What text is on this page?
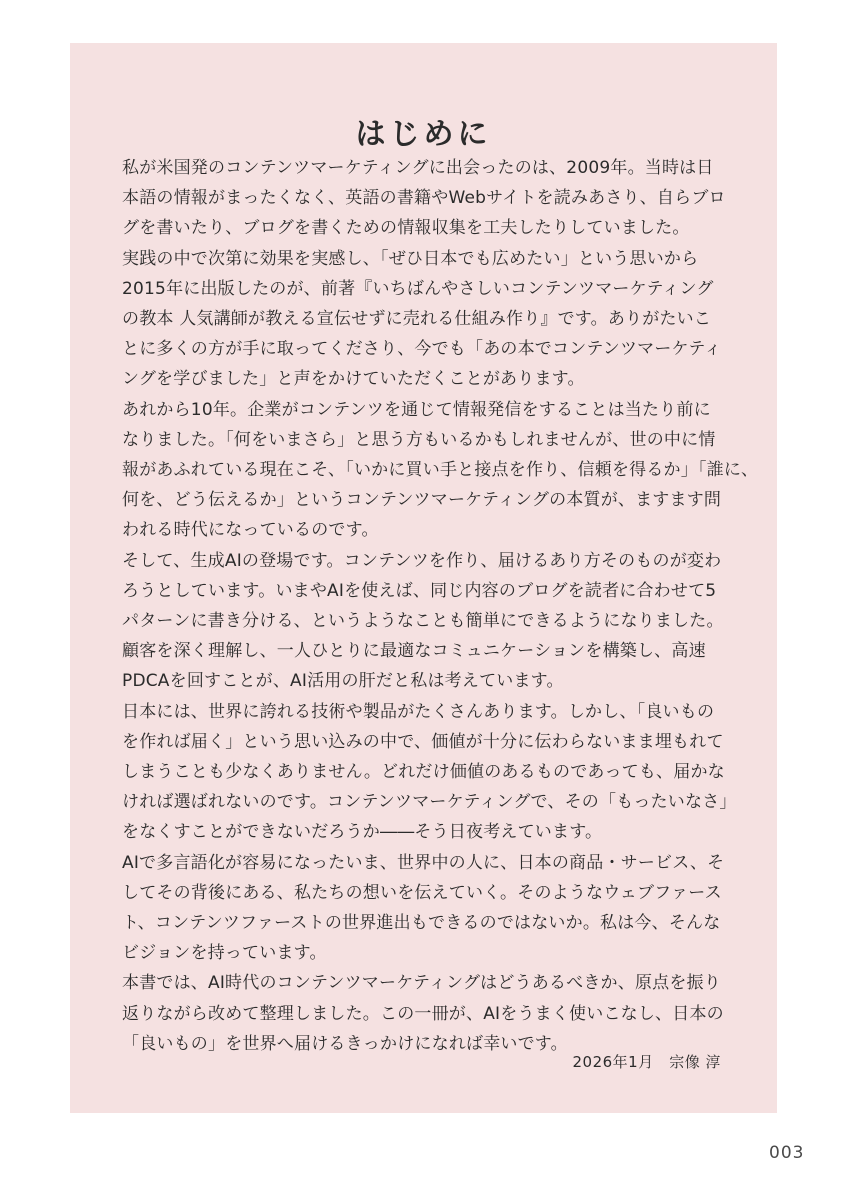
はじめに

私が米国発のコンテンツマーケティングに出会ったのは、2009年。当時は日
本語の情報がまったくなく、英語の書籍やWebサイトを読みあさり、自らブロ
グを書いたり、ブログを書くための情報収集を工夫したりしていました。

実践の中で次第に効果を実感し、「ぜひ日本でも広めたい」という思いから
2015年に出版したのが、前著『いちばんやさしいコンテンツマーケティング
の教本 人気講師が教える宣伝せずに売れる仕組み作り』です。ありがたいこ
とに多くの方が手に取ってくださり、今でも「あの本でコンテンツマーケティ
ングを学びました」と声をかけていただくことがあります。

あれから10年。企業がコンテンツを通じて情報発信をすることは当たり前に
なりました。「何をいまさら」と思う方もいるかもしれませんが、世の中に情
報があふれている現在こそ、「いかに買い手と接点を作り、信頼を得るか」「誰に、
何を、どう伝えるか」というコンテンツマーケティングの本質が、ますます問
われる時代になっているのです。

そして、生成AIの登場です。コンテンツを作り、届けるあり方そのものが変わ
ろうとしています。いまやAIを使えば、同じ内容のブログを読者に合わせて5
パターンに書き分ける、というようなことも簡単にできるようになりました。
顧客を深く理解し、一人ひとりに最適なコミュニケーションを構築し、高速
PDCAを回すことが、AI活用の肝だと私は考えています。

日本には、世界に誇れる技術や製品がたくさんあります。しかし、「良いもの
を作れば届く」という思い込みの中で、価値が十分に伝わらないまま埋もれて
しまうことも少なくありません。どれだけ価値のあるものであっても、届かな
ければ選ばれないのです。コンテンツマーケティングで、その「もったいなさ」
をなくすことができないだろうか――そう日夜考えています。

AIで多言語化が容易になったいま、世界中の人に、日本の商品・サービス、そ
してその背後にある、私たちの想いを伝えていく。そのようなウェブファース
ト、コンテンツファーストの世界進出もできるのではないか。私は今、そんな
ビジョンを持っています。

本書では、AI時代のコンテンツマーケティングはどうあるべきか、原点を振り
返りながら改めて整理しました。この一冊が、AIをうまく使いこなし、日本の
「良いもの」を世界へ届けるきっかけになれば幸いです。

2026年1月　宗像 淳
003
